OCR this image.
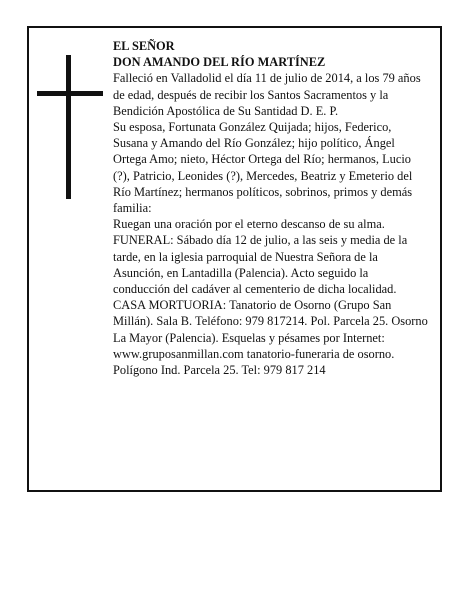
EL SEÑOR

DON AMANDO DEL RÍO MARTÍNEZ

Falleció en Valladolid el día 11 de julio de 2014, a los 79 años de edad, después de recibir los Santos Sacramentos y la Bendición Apostólica de Su Santidad D. E. P.

Su esposa, Fortunata González Quijada; hijos, Federico, Susana y Amando del Río González; hijo político, Ángel Ortega Amo; nieto, Héctor Ortega del Río; hermanos, Lucio (?), Patricio, Leonides (?), Mercedes, Beatriz y Emeterio del Río Martínez; hermanos políticos, sobrinos, primos y demás familia:

Ruegan una oración por el eterno descanso de su alma.

FUNERAL: Sábado día 12 de julio, a las seis y media de la tarde, en la iglesia parroquial de Nuestra Señora de la Asunción, en Lantadilla (Palencia). Acto seguido la conducción del cadáver al cementerio de dicha localidad.

CASA MORTUORIA: Tanatorio de Osorno (Grupo San Millán). Sala B. Teléfono: 979 817214. Pol. Parcela 25. Osorno La Mayor (Palencia). Esquelas y pésames por Internet: www.gruposanmillan.com tanatorio-funeraria de osorno. Polígono Ind. Parcela 25. Tel: 979 817 214
